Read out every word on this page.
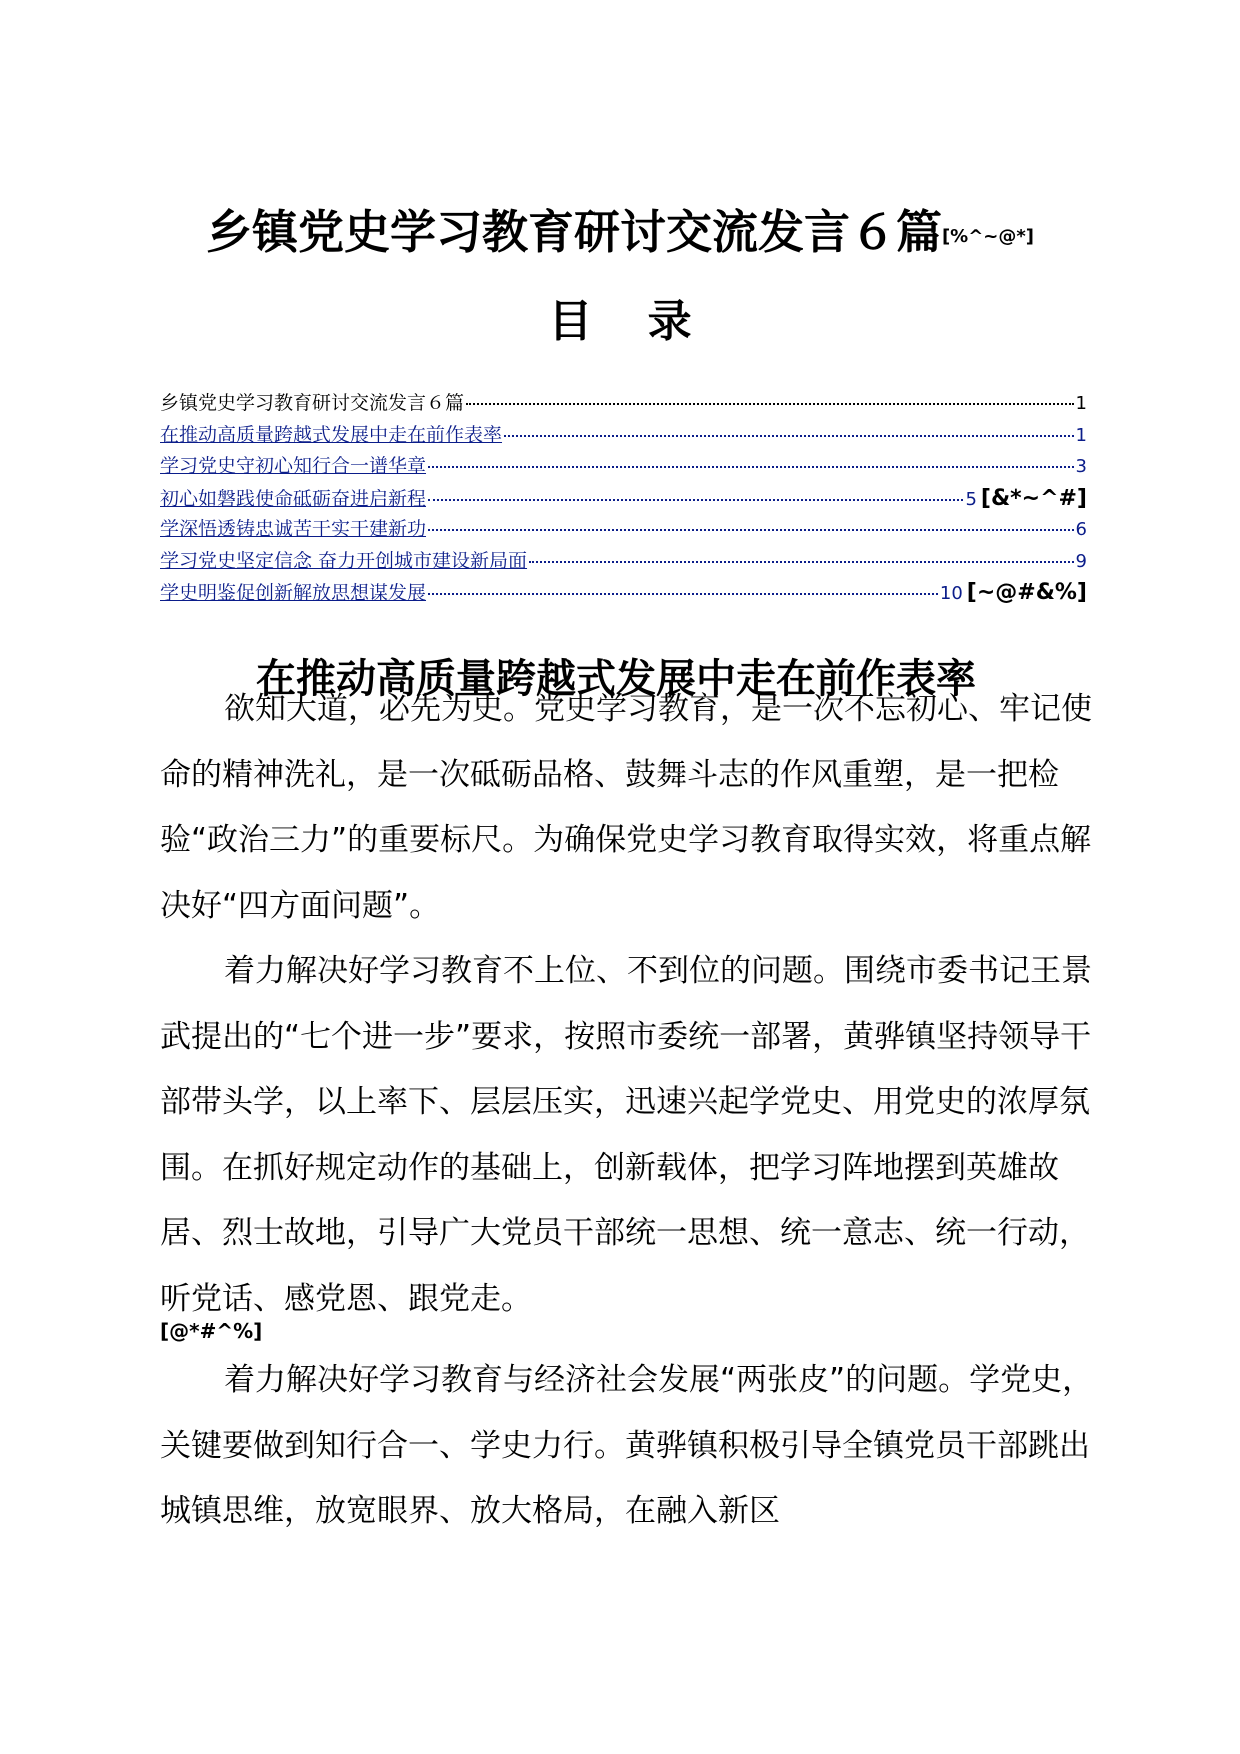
乡镇党史学习教育研讨交流发言６篇[%^~@*]
目 录
乡镇党史学习教育研讨交流发言６篇	1
在推动高质量跨越式发展中走在前作表率	1
学习党史守初心知行合一谱华章	3
初心如磐践使命砥砺奋进启新程	5 [&*~^#]
学深悟透铸忠诚苦干实干建新功	6
学习党史坚定信念 奋力开创城市建设新局面	9
学史明鉴促创新解放思想谋发展	10 [~@#&%]
在推动高质量跨越式发展中走在前作表率

欲知大道，必先为史。党史学习教育，是一次不忘初心、牢记使命的精神洗礼，是一次砥砺品格、鼓舞斗志的作风重塑，是一把检验“政治三力”的重要标尺。为确保党史学习教育取得实效，将重点解决好“四方面问题”。

着力解决好学习教育不上位、不到位的问题。围绕市委书记王景武提出的“七个进一步”要求，按照市委统一部署，黄骅镇坚持领导干部带头学，以上率下、层层压实，迅速兴起学党史、用党史的浓厚氛围。在抓好规定动作的基础上，创新载体，把学习阵地摆到英雄故居、烈士故地，引导广大党员干部统一思想、统一意志、统一行动，听党话、感党恩、跟党走。

[@*#^%]

着力解决好学习教育与经济社会发展“两张皮”的问题。学党史，关键要做到知行合一、学史力行。黄骅镇积极引导全镇党员干部跳出城镇思维，放宽眼界、放大格局，在融入新区
